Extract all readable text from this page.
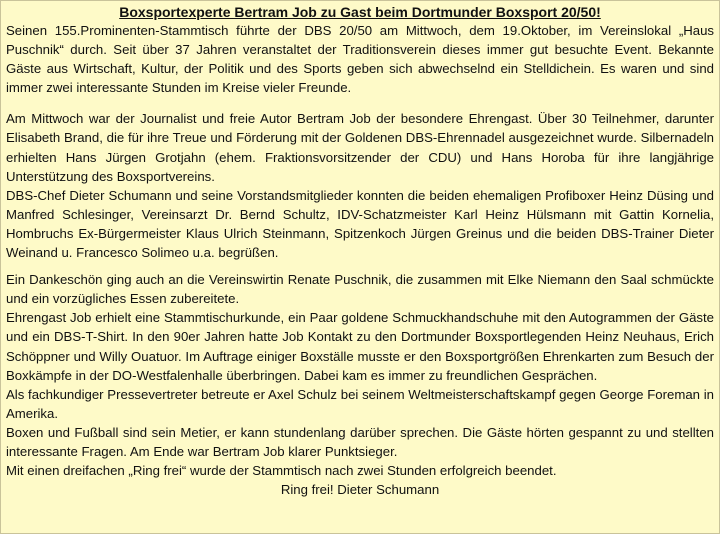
Boxsportexperte Bertram Job zu Gast beim Dortmunder Boxsport 20/50!

Seinen 155.Prominenten-Stammtisch führte der DBS 20/50 am Mittwoch, dem 19.Oktober, im Vereinslokal „Haus Puschnik“ durch. Seit über 37 Jahren veranstaltet der Traditionsverein dieses immer gut besuchte Event. Bekannte Gäste aus Wirtschaft, Kultur, der Politik und des Sports geben sich abwechselnd ein Stelldichein. Es waren und sind immer zwei interessante Stunden im Kreise vieler Freunde.

Am Mittwoch war der Journalist und freie Autor Bertram Job der besondere Ehrengast. Über 30 Teilnehmer, darunter Elisabeth Brand, die für ihre Treue und Förderung mit der Goldenen DBS-Ehrennadel ausgezeichnet wurde. Silbernadeln erhielten Hans Jürgen Grotjahn (ehem. Fraktionsvorsitzender der CDU) und Hans Horoba für ihre langjährige Unterstützung des Boxsportvereins.

DBS-Chef Dieter Schumann und seine Vorstandsmitglieder konnten die beiden ehemaligen Profiboxer Heinz Düsing und Manfred Schlesinger, Vereinsarzt Dr. Bernd Schultz, IDV-Schatzmeister Karl Heinz Hülsmann mit Gattin Kornelia, Hombruchs Ex-Bürgermeister Klaus Ulrich Steinmann, Spitzenkoch Jürgen Greinus und die beiden DBS-Trainer Dieter Weinand u. Francesco Solimeo u.a. begrüßen.

Ein Dankeschön ging auch an die Vereinswirtin Renate Puschnik, die zusammen mit Elke Niemann den Saal schmückte und ein vorzügliches Essen zubereitete.

Ehrengast Job erhielt eine Stammtischurkunde, ein Paar goldene Schmuckhandschuhe mit den Autogrammen der Gäste und ein DBS-T-Shirt. In den 90er Jahren hatte Job Kontakt zu den Dortmunder Boxsportlegenden Heinz Neuhaus, Erich Schöppner und Willy Ouatuor. Im Auftrage einiger Boxställe musste er den Boxsportgrößen Ehrenkarten zum Besuch der Boxkämpfe in der DO-Westfalenhalle überbringen. Dabei kam es immer zu freundlichen Gesprächen.

Als fachkundiger Pressevertreter betreute er Axel Schulz bei seinem Weltmeisterschaftskampf gegen George Foreman in Amerika.

Boxen und Fußball sind sein Metier, er kann stundenlang darüber sprechen. Die Gäste hörten gespannt zu und stellten interessante Fragen. Am Ende war Bertram Job klarer Punktsieger.

Mit einen dreifachen „Ring frei“ wurde der Stammtisch nach zwei Stunden erfolgreich beendet.

Ring frei! Dieter Schumann
